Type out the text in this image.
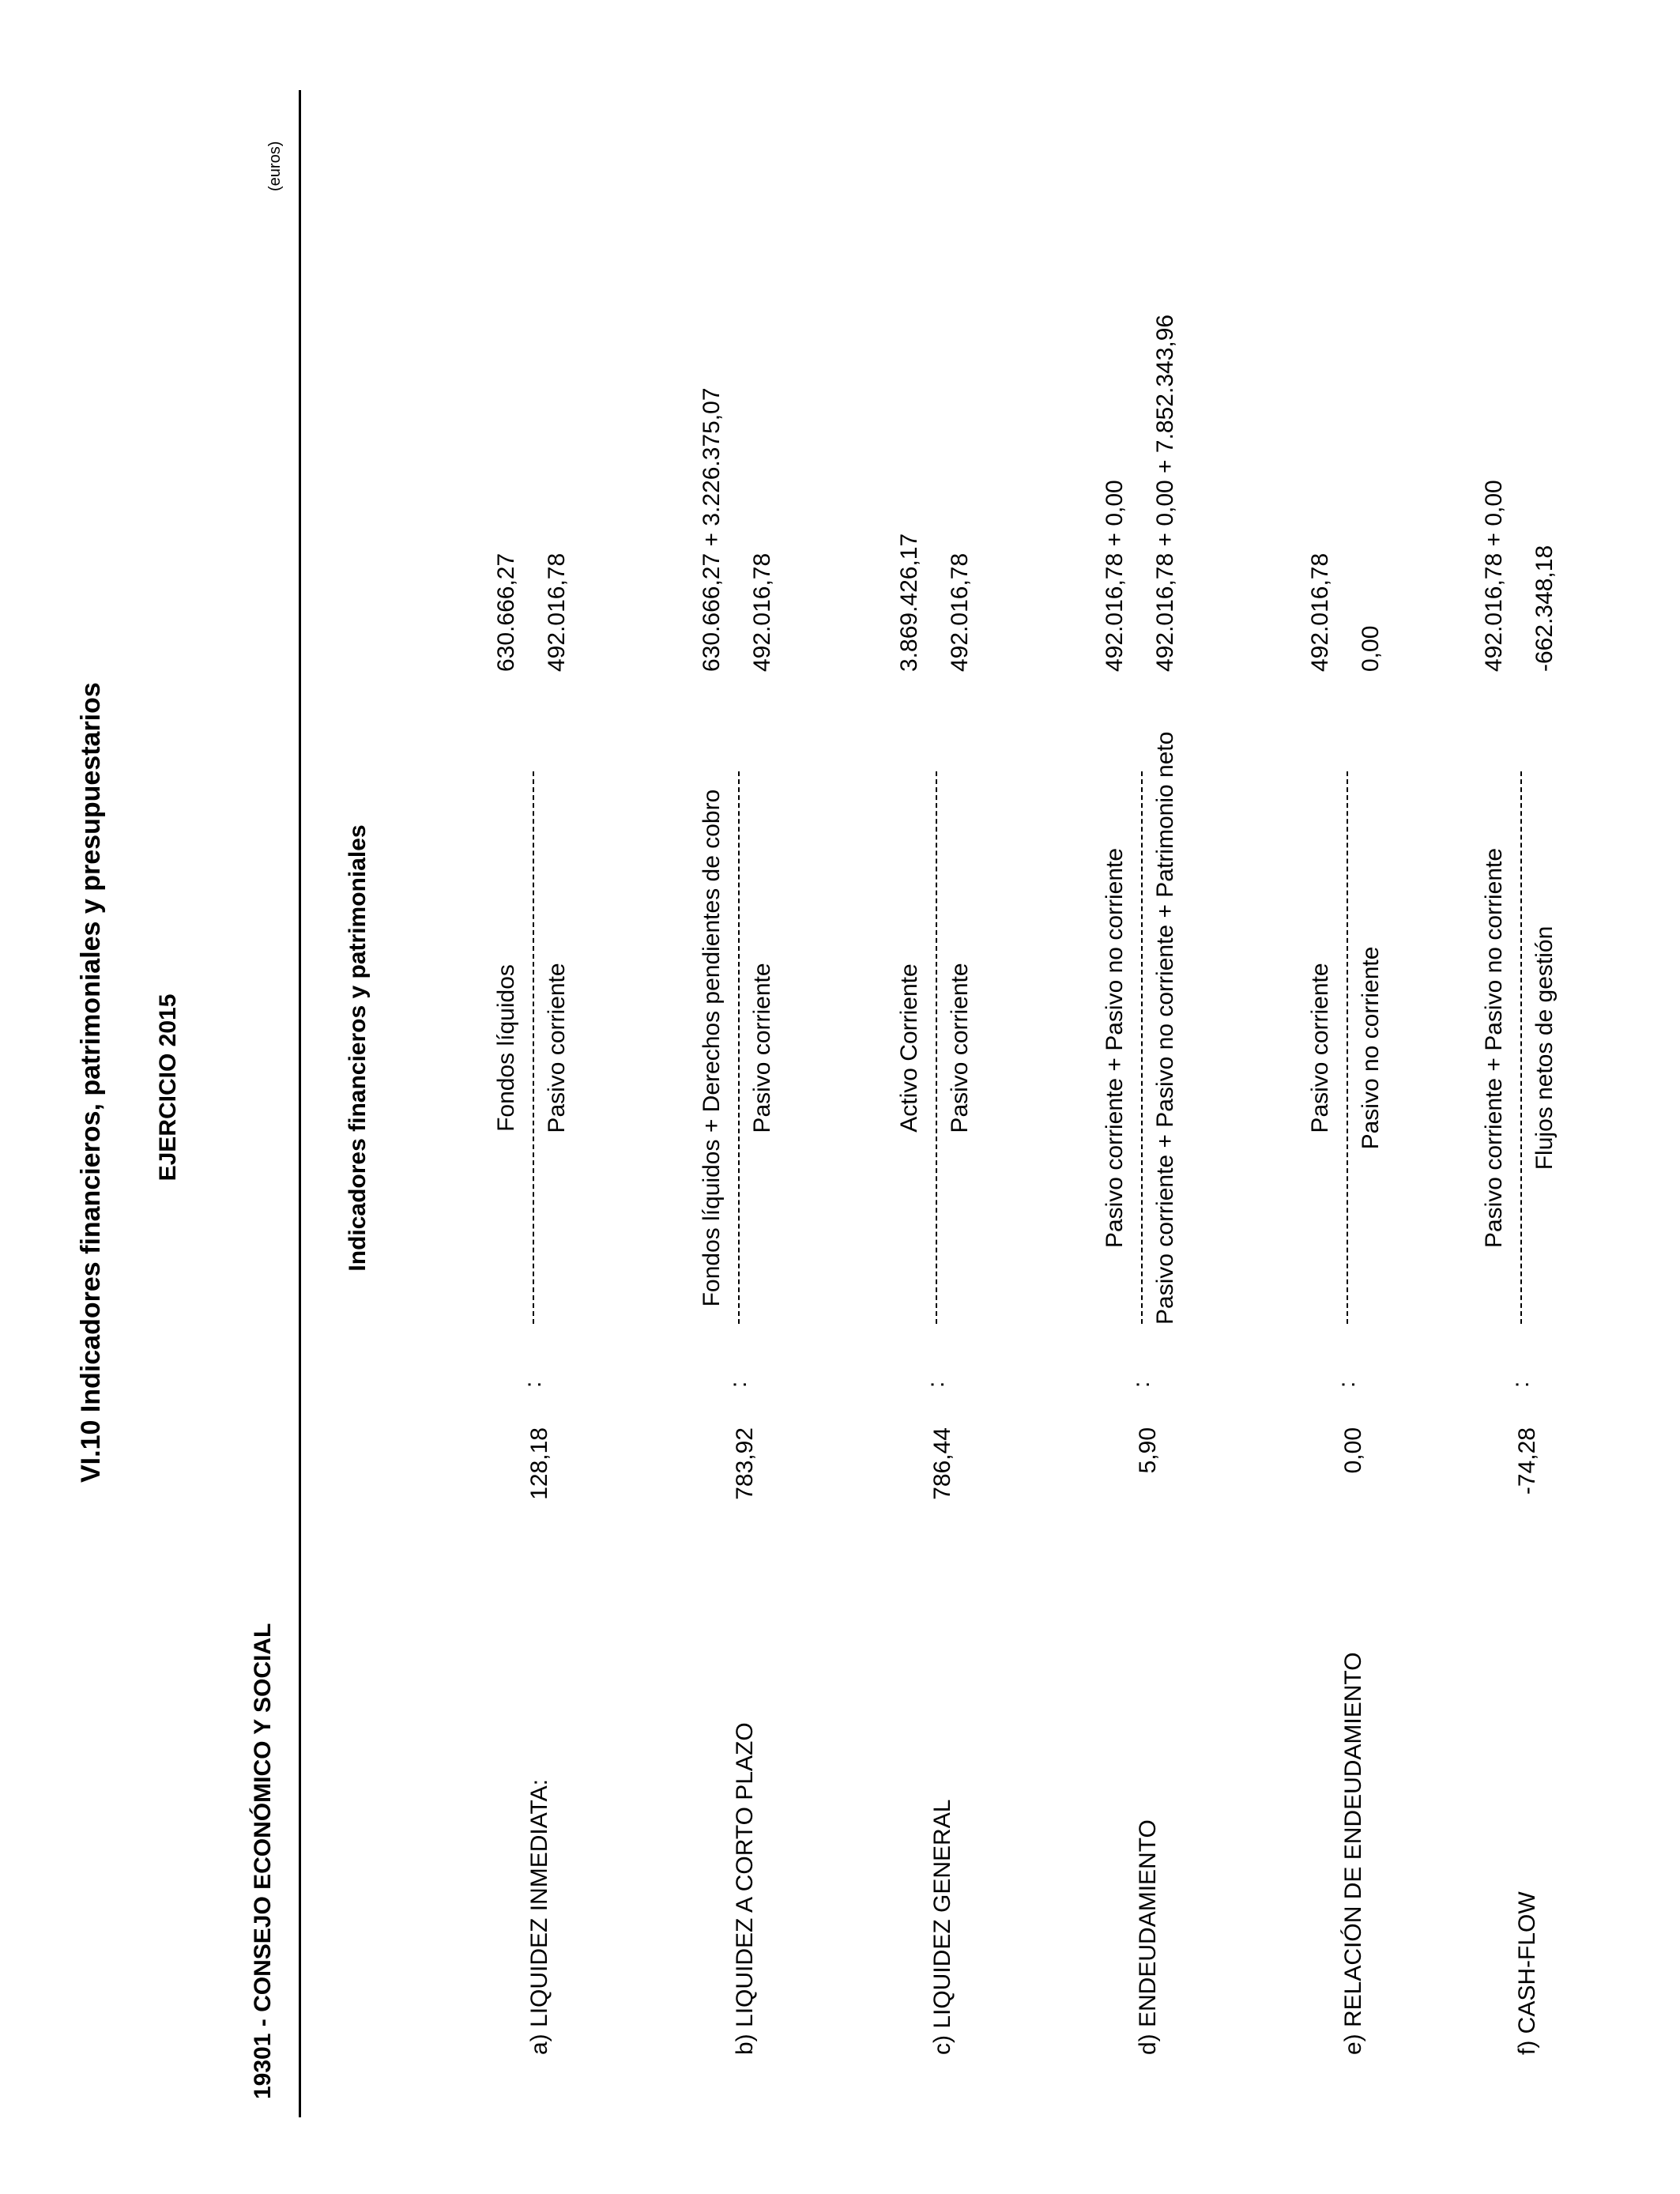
VI.10 Indicadores financieros, patrimoniales y presupuestarios EJERCICIO 2015
19301 - CONSEJO ECONÓMICO Y SOCIAL
(euros)
Indicadores financieros y patrimoniales
a) LIQUIDEZ INMEDIATA:
128,18
:
Fondos líquidos Pasivo corriente
630.666,27 492.016,78
b) LIQUIDEZ A CORTO PLAZO
783,92
:
Fondos líquidos + Derechos pendientes de cobro Pasivo corriente
630.666,27 + 3.226.375,07 492.016,78
c) LIQUIDEZ GENERAL
786,44
:
Activo Corriente Pasivo corriente
3.869.426,17 492.016,78
d) ENDEUDAMIENTO
5,90
:
Pasivo corriente + Pasivo no corriente Pasivo corriente + Pasivo no corriente + Patrimonio neto
492.016,78 + 0,00 492.016,78 + 0,00 + 7.852.343,96
e) RELACIÓN DE ENDEUDAMIENTO
0,00
:
Pasivo corriente Pasivo no corriente
492.016,78 0,00
f) CASH-FLOW
-74,28
:
Pasivo corriente + Pasivo no corriente Flujos netos de gestión
492.016,78 + 0,00 -662.348,18
